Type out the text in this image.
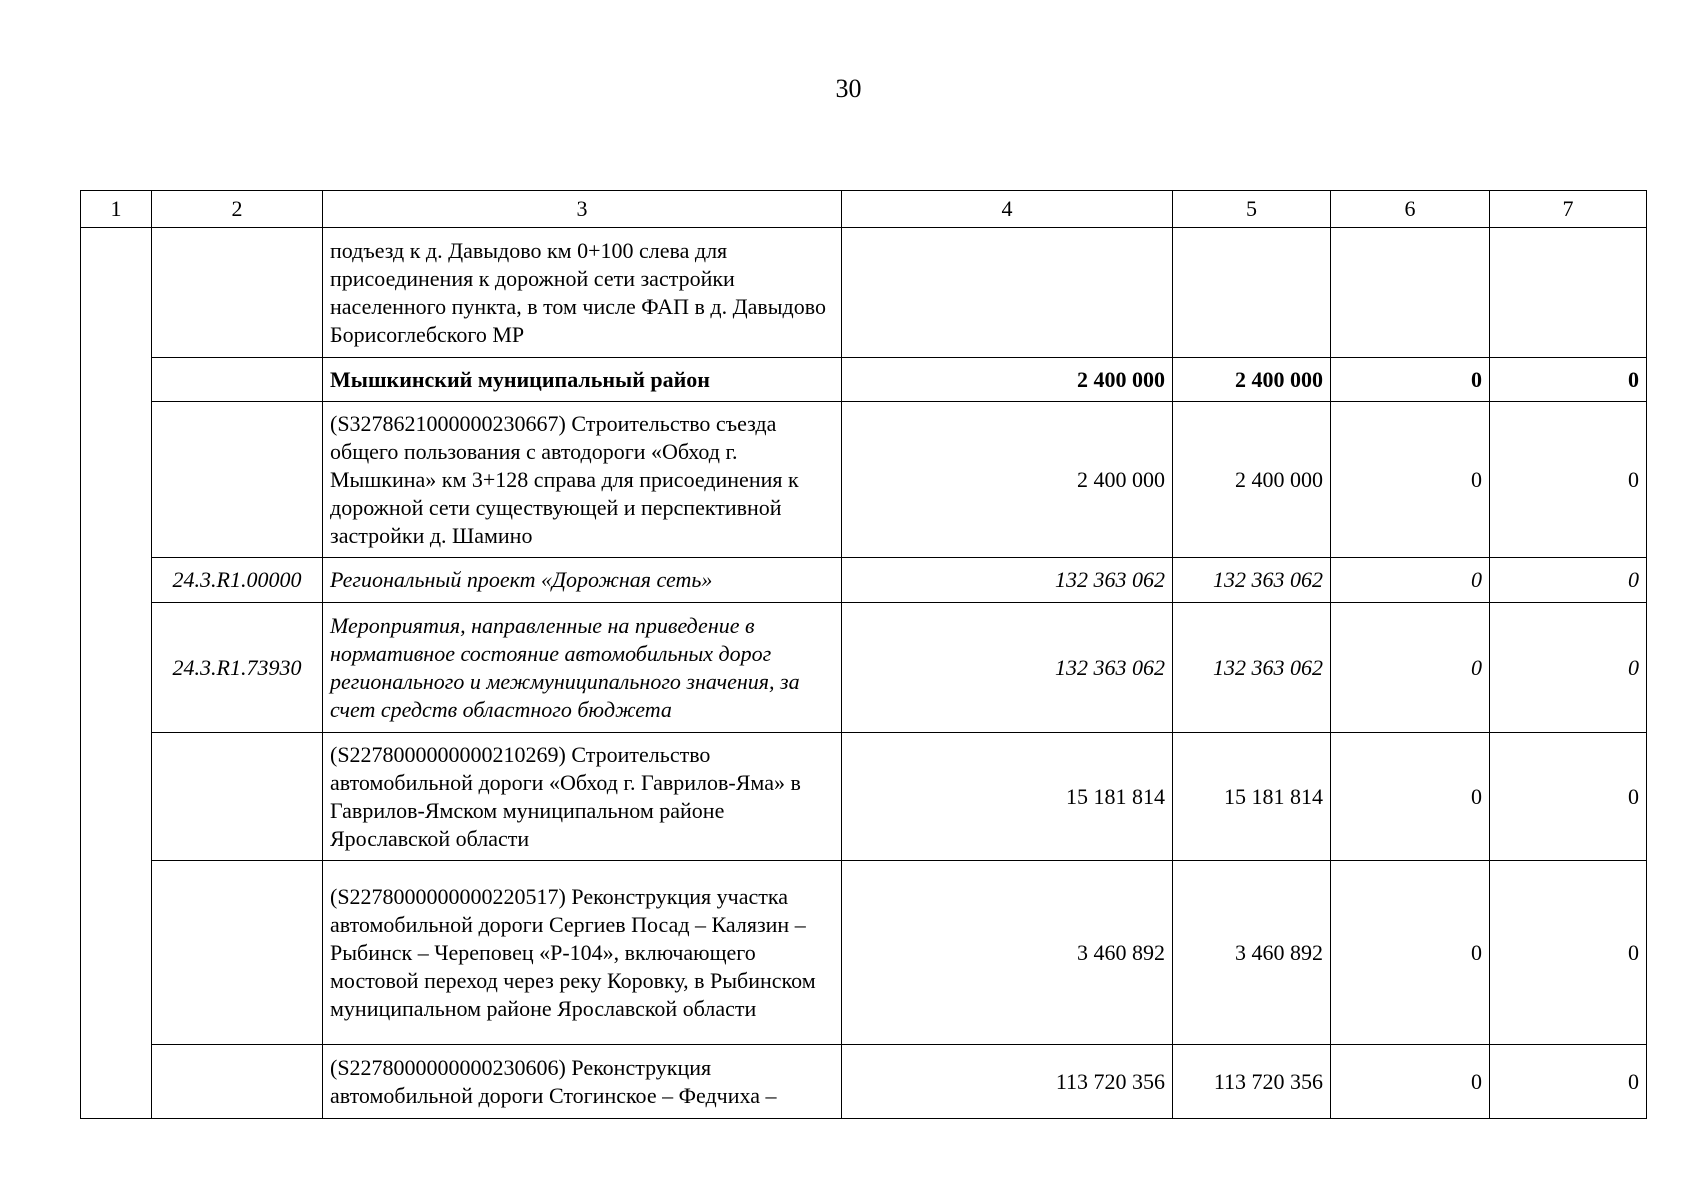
30
1	2	3	4	5	6	7
		подъезд к д. Давыдово км 0+100 слева для присоединения к дорожной сети застройки населенного пункта, в том числе ФАП в д. Давыдово Борисоглебского МР				
		Мышкинский муниципальный район	2 400 000	2 400 000	0	0
		(S327862100000023​0667) Строительство съезда общего пользования с автодороги «Обход г. Мышкина» км 3+128 справа для присоединения к дорожной сети существующей и перспективной застройки д. Шамино	2 400 000	2 400 000	0	0
	24.3.R1.00000	Региональный проект «Дорожная сеть»	132 363 062	132 363 062	0	0
	24.3.R1.73930	Мероприятия, направленные на приведение в нормативное состояние автомобильных дорог регионального и межмуниципального значения, за счет средств областного бюджета	132 363 062	132 363 062	0	0
		(S2278000000000210269) Строительство автомобильной дороги «Обход г. Гаврилов-Яма» в Гаврилов-Ямском муниципальном районе Ярославской области	15 181 814	15 181 814	0	0
		(S2278000000000220517) Реконструкция участка автомобильной дороги Сергиев Посад – Калязин – Рыбинск – Череповец «Р-104», включающего мостовой переход через реку Коровку, в Рыбинском муниципальном районе Ярославской области	3 460 892	3 460 892	0	0
		(S2278000000000230606) Реконструкция автомобильной дороги Стогинское – Федчиха –	113 720 356	113 720 356	0	0
